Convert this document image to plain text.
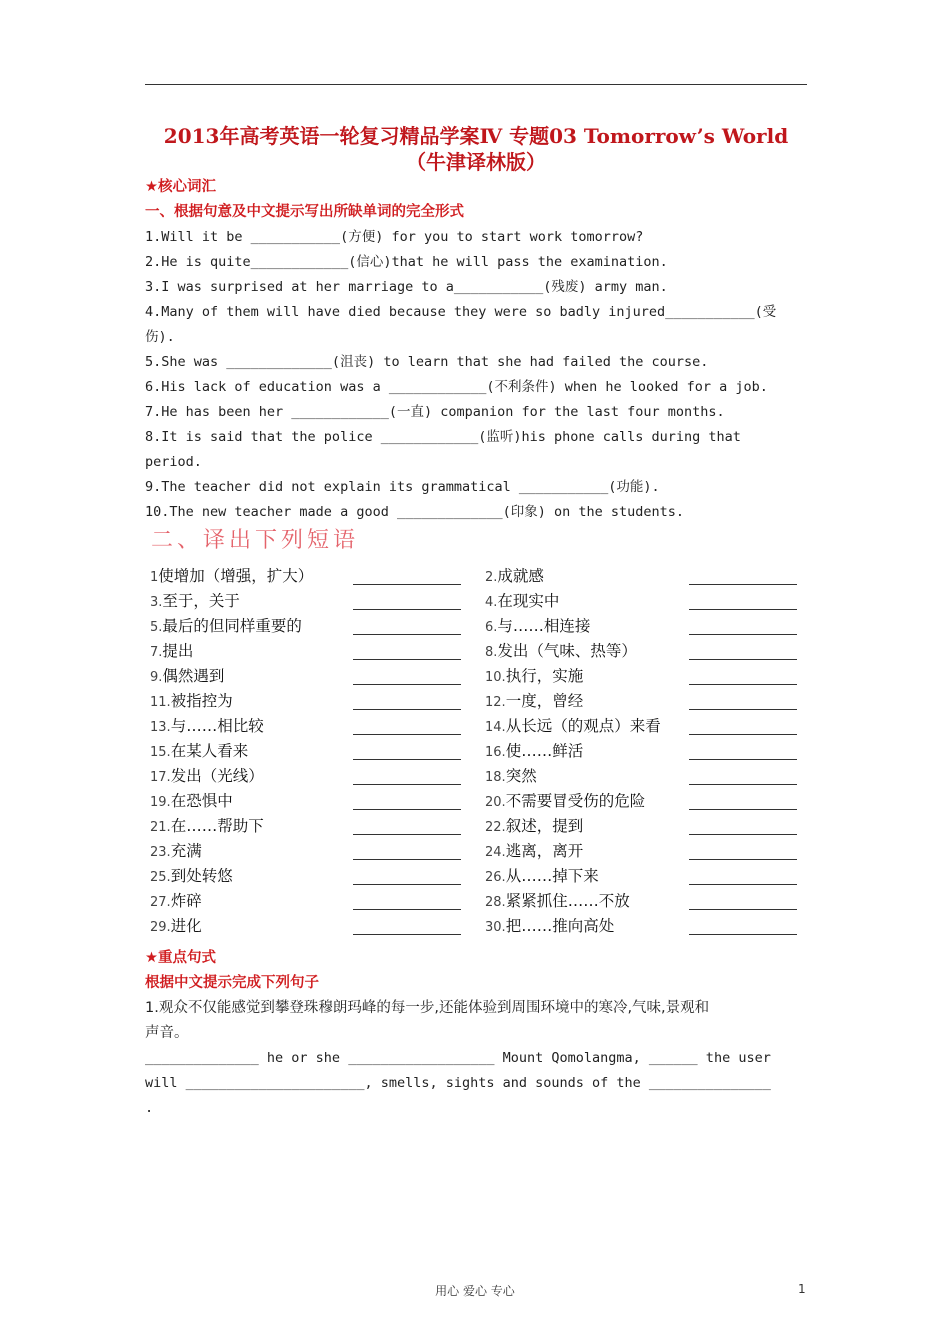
2013年高考英语一轮复习精品学案Ⅳ 专题03 Tomorrow’s World
（牛津译林版）
★核心词汇
一、根据句意及中文提示写出所缺单词的完全形式
1.Will it be ___________(方便) for you to start work tomorrow?
2.He is quite____________(信心)that he will pass the examination.
3.I was surprised at her marriage to a___________(残废) army man.
4.Many of them will have died because they were so badly injured___________(受
伤).
5.She was _____________(沮丧) to learn that she had failed the course.
6.His lack of education was a ____________(不利条件) when he looked for a job.
7.He has been her ____________(一直) companion for the last four months.
8.It is said that the police ____________(监听)his phone calls during that
period.
9.The teacher did not explain its grammatical ___________(功能).
10.The new teacher made a good _____________(印象) on the students.
二、译出下列短语
1使增加（增强，扩大）
3.至于，关于
5.最后的但同样重要的
7.提出
9.偶然遇到
11.被指控为
13.与……相比较
15.在某人看来
17.发出（光线）
19.在恐惧中
21.在……帮助下
23.充满
25.到处转悠
27.炸碎
29.进化
2.成就感
4.在现实中
6.与……相连接
8.发出（气味、热等）
10.执行，实施
12.一度，曾经
14.从长远（的观点）来看
16.使……鲜活
18.突然
20.不需要冒受伤的危险
22.叙述，提到
24.逃离，离开
26.从……掉下来
28.紧紧抓住……不放
30.把……推向高处
★重点句式
根据中文提示完成下列句子
1.观众不仅能感觉到攀登珠穆朗玛峰的每一步,还能体验到周围环境中的寒冷,气味,景观和
声音。
______________ he or she __________________ Mount Qomolangma, ______ the user
will ______________________, smells, sights and sounds of the _______________
.
用心 爱心 专心	1
